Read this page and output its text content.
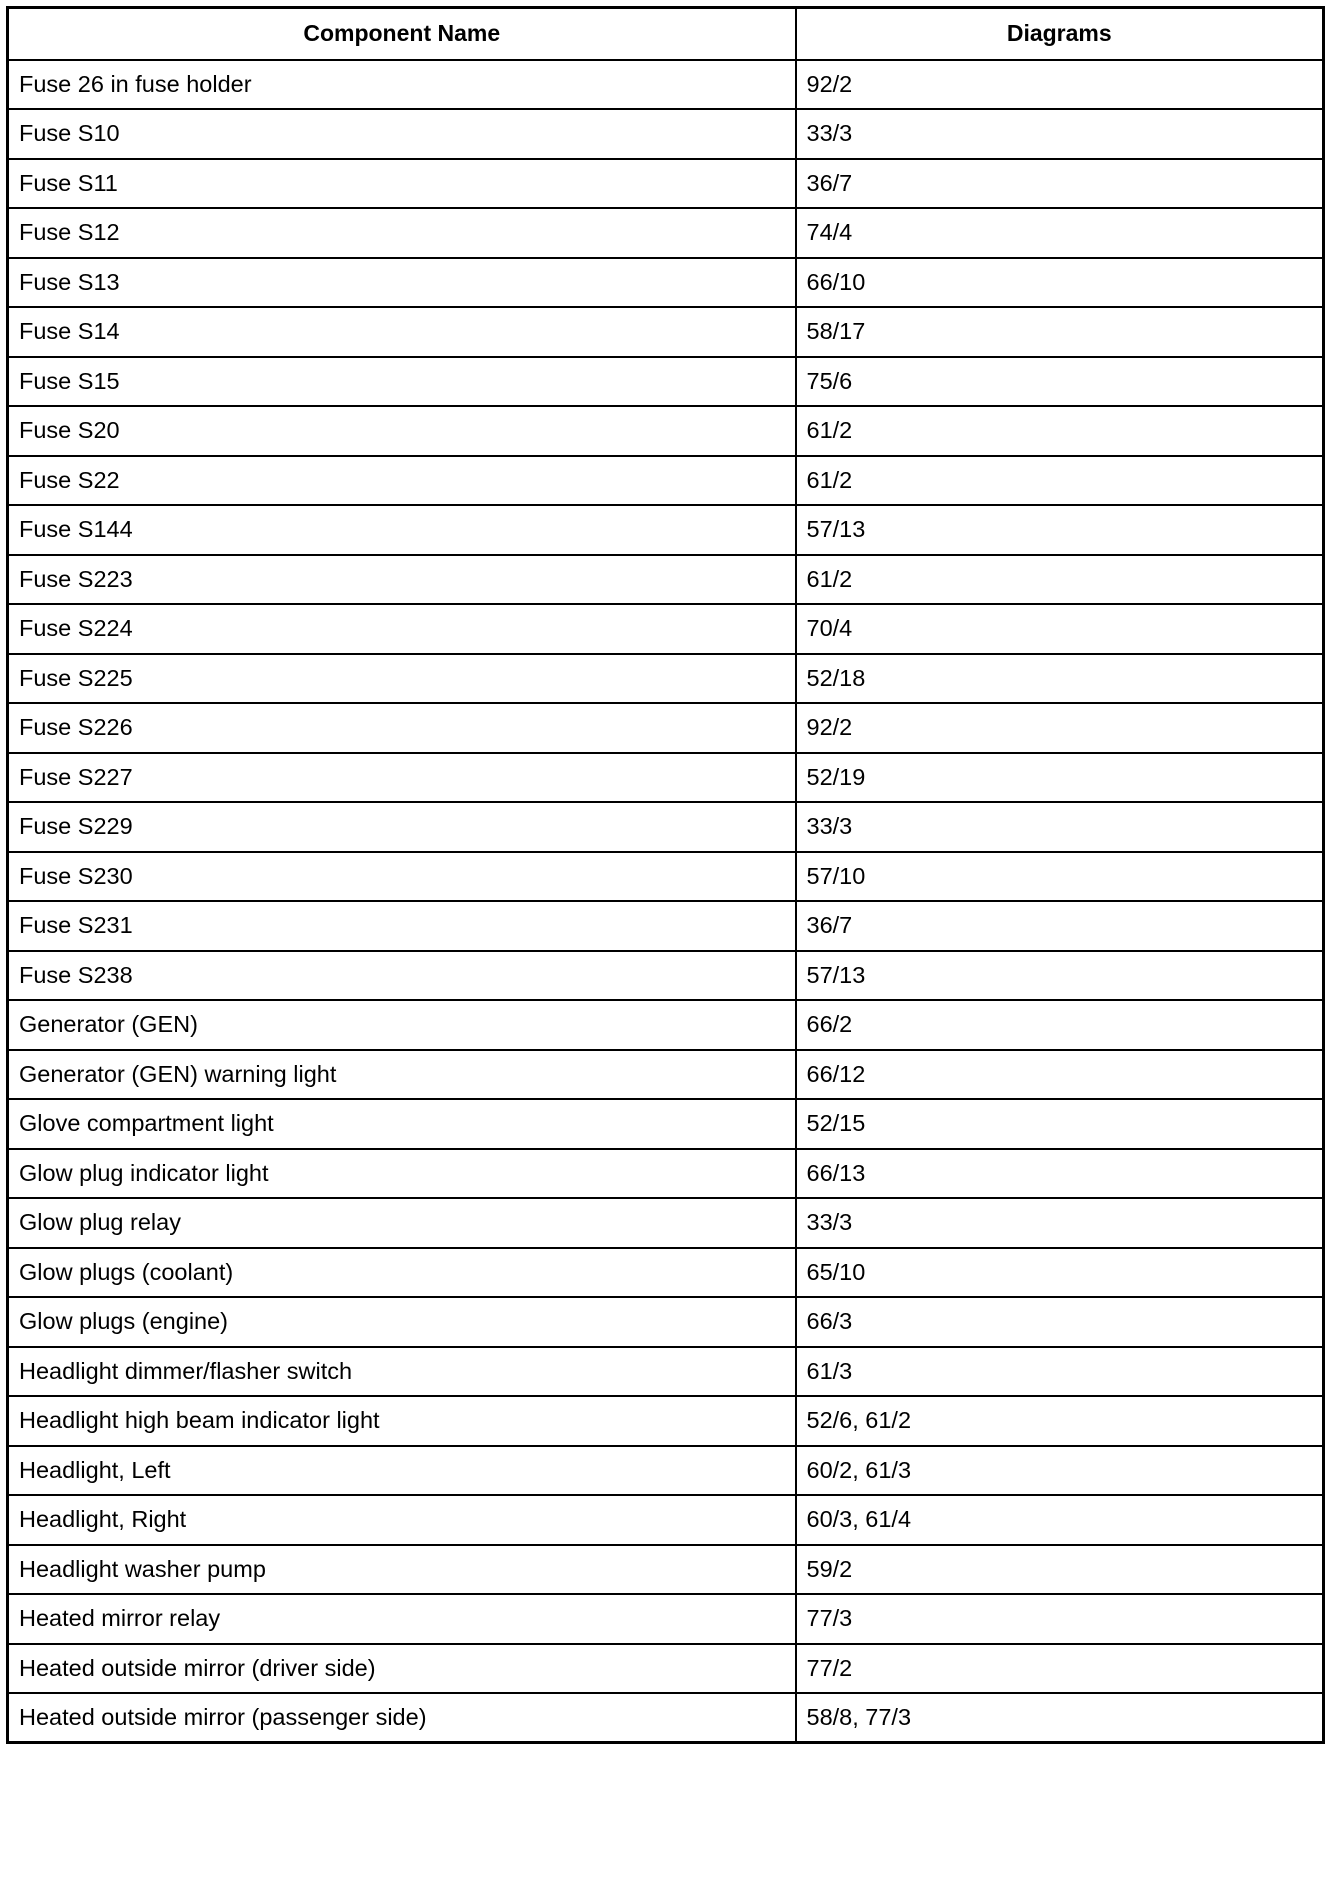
Component Name	Diagrams
Fuse 26 in fuse holder	92/2
Fuse S10	33/3
Fuse S11	36/7
Fuse S12	74/4
Fuse S13	66/10
Fuse S14	58/17
Fuse S15	75/6
Fuse S20	61/2
Fuse S22	61/2
Fuse S144	57/13
Fuse S223	61/2
Fuse S224	70/4
Fuse S225	52/18
Fuse S226	92/2
Fuse S227	52/19
Fuse S229	33/3
Fuse S230	57/10
Fuse S231	36/7
Fuse S238	57/13
Generator (GEN)	66/2
Generator (GEN) warning light	66/12
Glove compartment light	52/15
Glow plug indicator light	66/13
Glow plug relay	33/3
Glow plugs (coolant)	65/10
Glow plugs (engine)	66/3
Headlight dimmer/flasher switch	61/3
Headlight high beam indicator light	52/6, 61/2
Headlight, Left	60/2, 61/3
Headlight, Right	60/3, 61/4
Headlight washer pump	59/2
Heated mirror relay	77/3
Heated outside mirror (driver side)	77/2
Heated outside mirror (passenger side)	58/8, 77/3
